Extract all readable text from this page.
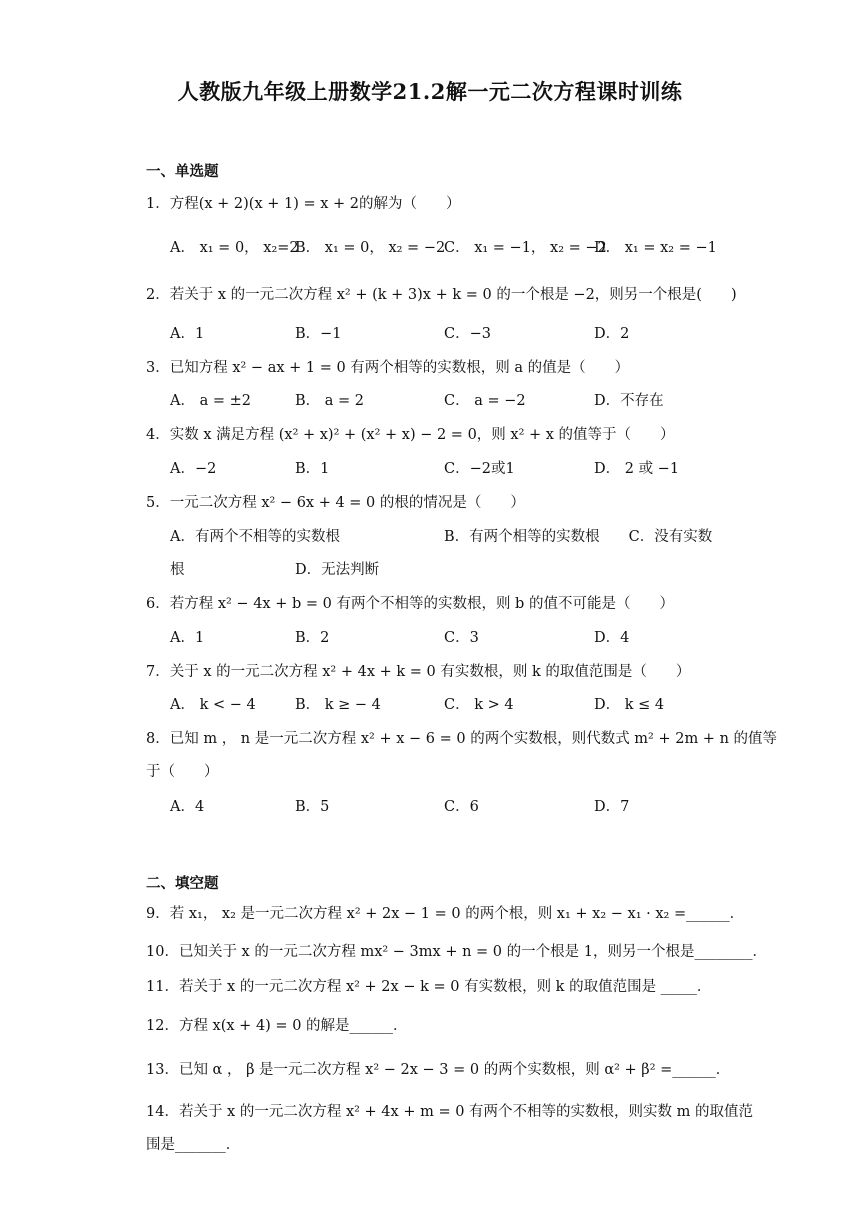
人教版九年级上册数学21.2解一元二次方程课时训练
一、单选题
1．方程(x + 2)(x + 1) = x + 2的解为（　　）
A． x₁ = 0， x₂=2
B． x₁ = 0， x₂ = −2
C． x₁ = −1， x₂ = −2
D． x₁ = x₂ = −1
2．若关于 x 的一元二次方程 x² + (k + 3)x + k = 0 的一个根是 −2，则另一个根是(　　)
A．1	B．−1	C．−3	D．2
3．已知方程 x² − ax + 1 = 0 有两个相等的实数根，则 a 的值是（　　）
A． a = ±2	B． a = 2	C． a = −2	D．不存在
4．实数 x 满足方程 (x² + x)² + (x² + x) − 2 = 0，则 x² + x 的值等于（　　）
A．−2	B．1	C．−2或1	D． 2 或 −1
5．一元二次方程 x² − 6x + 4 = 0 的根的情况是（　　）
A．有两个不相等的实数根	B．有两个相等的实数根　　C．没有实数
根	D．无法判断
6．若方程 x² − 4x + b = 0 有两个不相等的实数根，则 b 的值不可能是（　　）
A．1	B．2	C．3	D．4
7．关于 x 的一元二次方程 x² + 4x + k = 0 有实数根，则 k 的取值范围是（　　）
A． k < − 4	B． k ≥ − 4	C． k > 4	D． k ≤ 4
8．已知 m ， n 是一元二次方程 x² + x − 6 = 0 的两个实数根，则代数式 m² + 2m + n 的值等
于（　　）
A．4	B．5	C．6	D．7
二、填空题
9．若 x₁， x₂ 是一元二次方程 x² + 2x − 1 = 0 的两个根，则 x₁ + x₂ − x₁ · x₂ =______．
10．已知关于 x 的一元二次方程 mx² − 3mx + n = 0 的一个根是 1，则另一个根是________．
11．若关于 x 的一元二次方程 x² + 2x − k = 0 有实数根，则 k 的取值范围是 _____．
12．方程 x(x + 4) = 0 的解是______．
13．已知 α ， β 是一元二次方程 x² − 2x − 3 = 0 的两个实数根，则 α² + β² =______．
14．若关于 x 的一元二次方程 x² + 4x + m = 0 有两个不相等的实数根，则实数 m 的取值范
围是_______．
